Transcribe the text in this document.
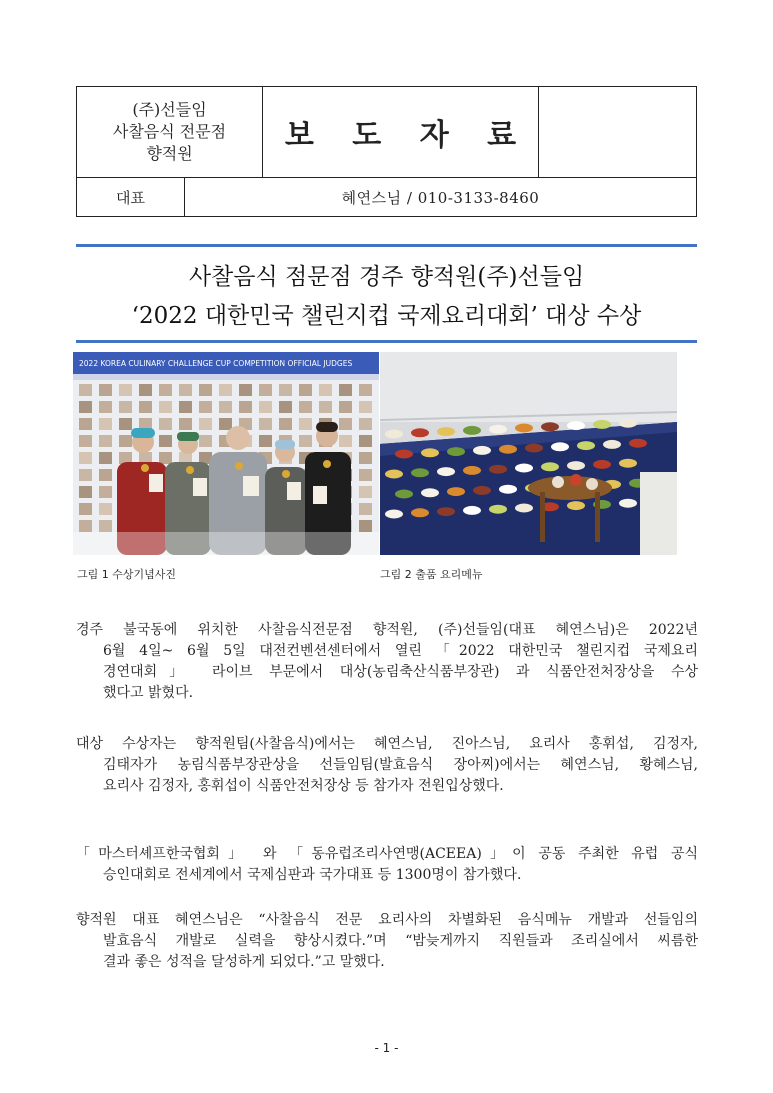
(주)선들임
사찰음식 전문점
향적원
보 도 자 료
대표	혜연스님 / 010-3133-8460
사찰음식 점문점 경주 향적원(주)선들임
‘2022 대한민국 챌린지컵 국제요리대회’ 대상 수상
2022 KOREA CULINARY CHALLENGE CUP COMPETITION OFFICIAL JUDGES
그림 1 수상기념사진	그림 2 출품 요리메뉴
경주 불국동에 위치한 사찰음식전문점 향적원, (주)선들임(대표 혜연스님)은 2022년
6월 4일~ 6월 5일 대전컨벤션센터에서 열린 「2022 대한민국 챌린지컵 국제요리
경연대회」 라이브 부문에서 대상(농림축산식품부장관) 과 식품안전처장상을 수상
했다고 밝혔다.
대상 수상자는 향적원팀(사찰음식)에서는 혜연스님, 진아스님, 요리사 홍휘섭, 김정자,
김태자가 농림식품부장관상을 선들임팀(발효음식 장아찌)에서는 혜연스님, 황혜스님,
요리사 김정자, 홍휘섭이 식품안전처장상 등 참가자 전원입상했다.
「마스터셰프한국협회」 와 「동유럽조리사연맹(ACEEA)」이 공동 주최한 유럽 공식
승인대회로 전세계에서 국제심판과 국가대표 등 1300명이 참가했다.
향적원 대표 혜연스님은 “사찰음식 전문 요리사의 차별화된 음식메뉴 개발과 선들임의
발효음식 개발로 실력을 향상시켰다.”며 “밤늦게까지 직원들과 조리실에서 씨름한
결과 좋은 성적을 달성하게 되었다.”고 말했다.
- 1 -
